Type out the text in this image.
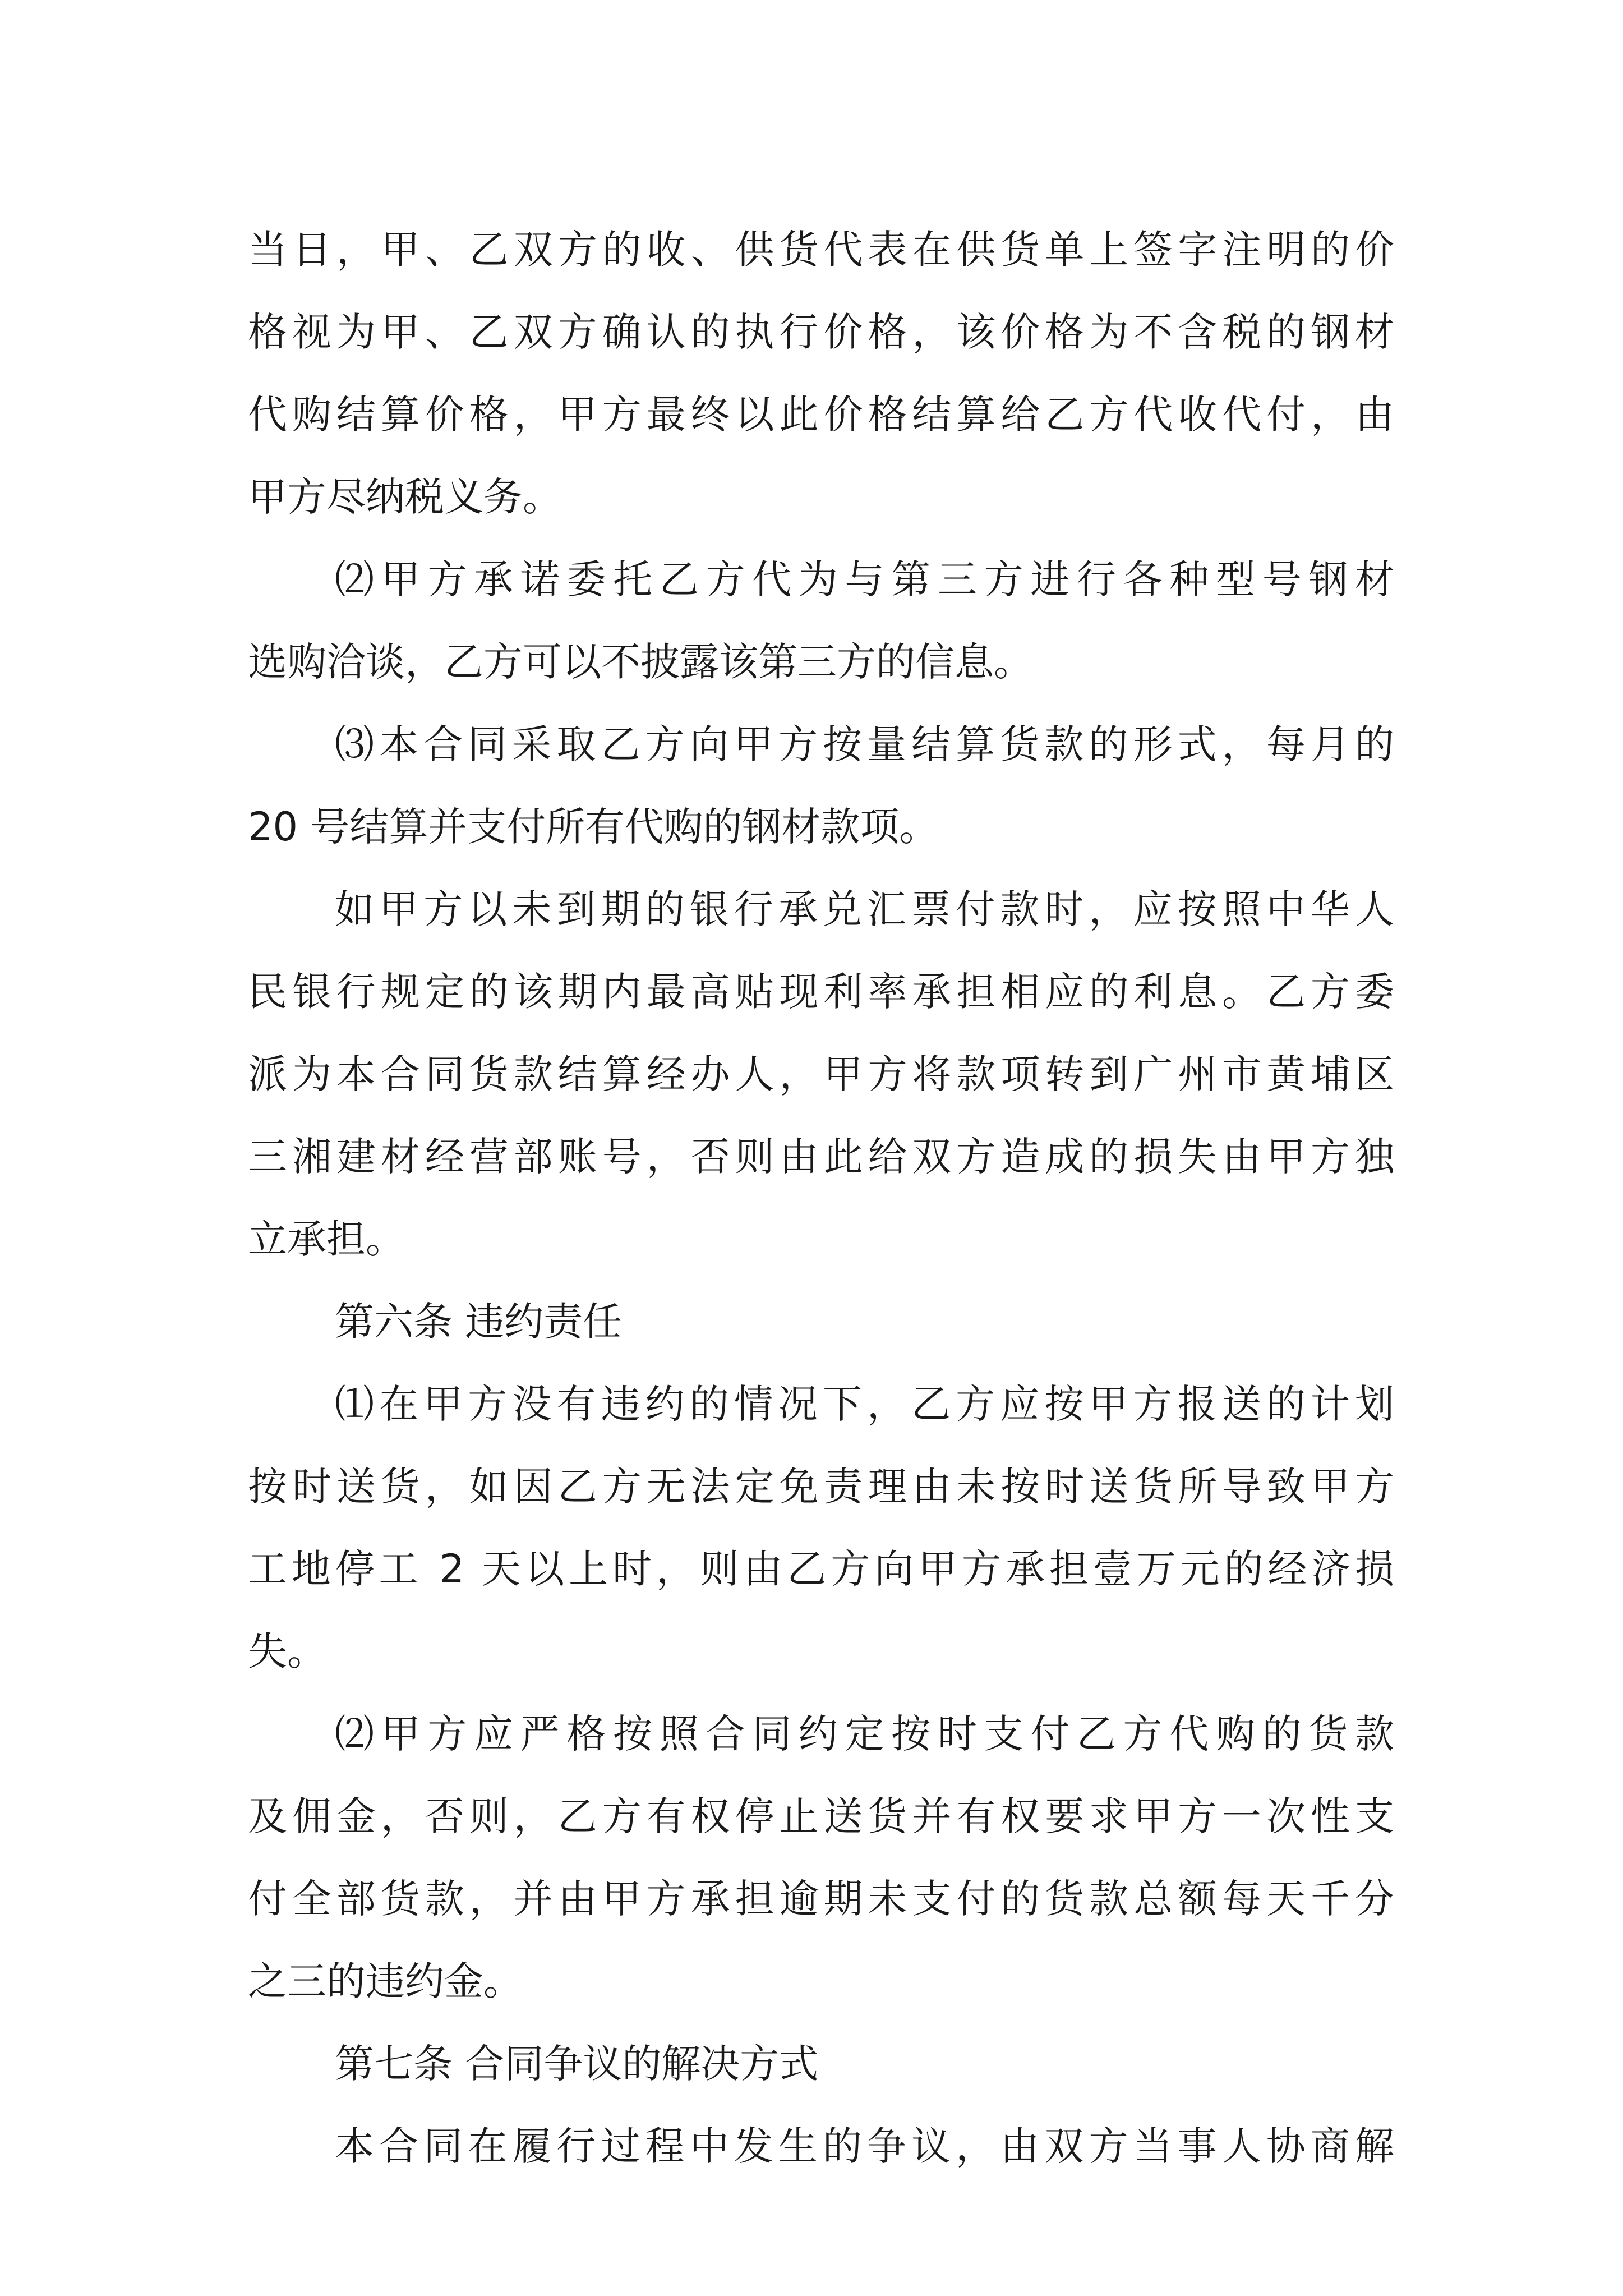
当日，甲、乙双方的收、供货代表在供货单上签字注明的价
格视为甲、乙双方确认的执行价格，该价格为不含税的钢材
代购结算价格，甲方最终以此价格结算给乙方代收代付，由
甲方尽纳税义务。
⑵甲方承诺委托乙方代为与第三方进行各种型号钢材
选购洽谈，乙方可以不披露该第三方的信息。
⑶本合同采取乙方向甲方按量结算货款的形式，每月的
20 号结算并支付所有代购的钢材款项。
如甲方以未到期的银行承兑汇票付款时，应按照中华人
民银行规定的该期内最高贴现利率承担相应的利息。乙方委
派为本合同货款结算经办人，甲方将款项转到广州市黄埔区
三湘建材经营部账号，否则由此给双方造成的损失由甲方独
立承担。
第六条 违约责任
⑴在甲方没有违约的情况下，乙方应按甲方报送的计划
按时送货，如因乙方无法定免责理由未按时送货所导致甲方
工地停工 2 天以上时，则由乙方向甲方承担壹万元的经济损
失。
⑵甲方应严格按照合同约定按时支付乙方代购的货款
及佣金，否则，乙方有权停止送货并有权要求甲方一次性支
付全部货款，并由甲方承担逾期未支付的货款总额每天千分
之三的违约金。
第七条 合同争议的解决方式
本合同在履行过程中发生的争议，由双方当事人协商解
